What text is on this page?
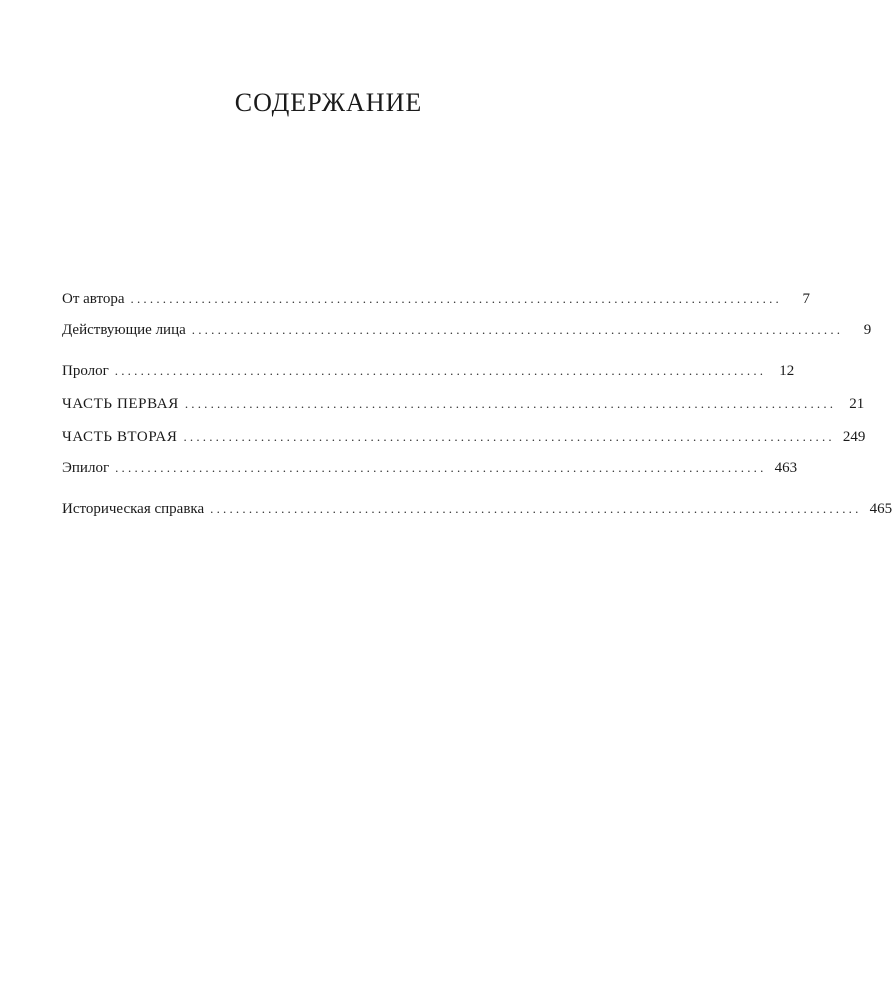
СОДЕРЖАНИЕ
От автора .....................................................................................................	7
Действующие лица .....................................................................................................	9
Пролог ..................................................................................................... 12
ЧАСТЬ ПЕРВАЯ ..................................................................................................... 21
ЧАСТЬ ВТОРАЯ ..................................................................................................... 249
Эпилог ..................................................................................................... 463
Историческая справка ..................................................................................................... 465
